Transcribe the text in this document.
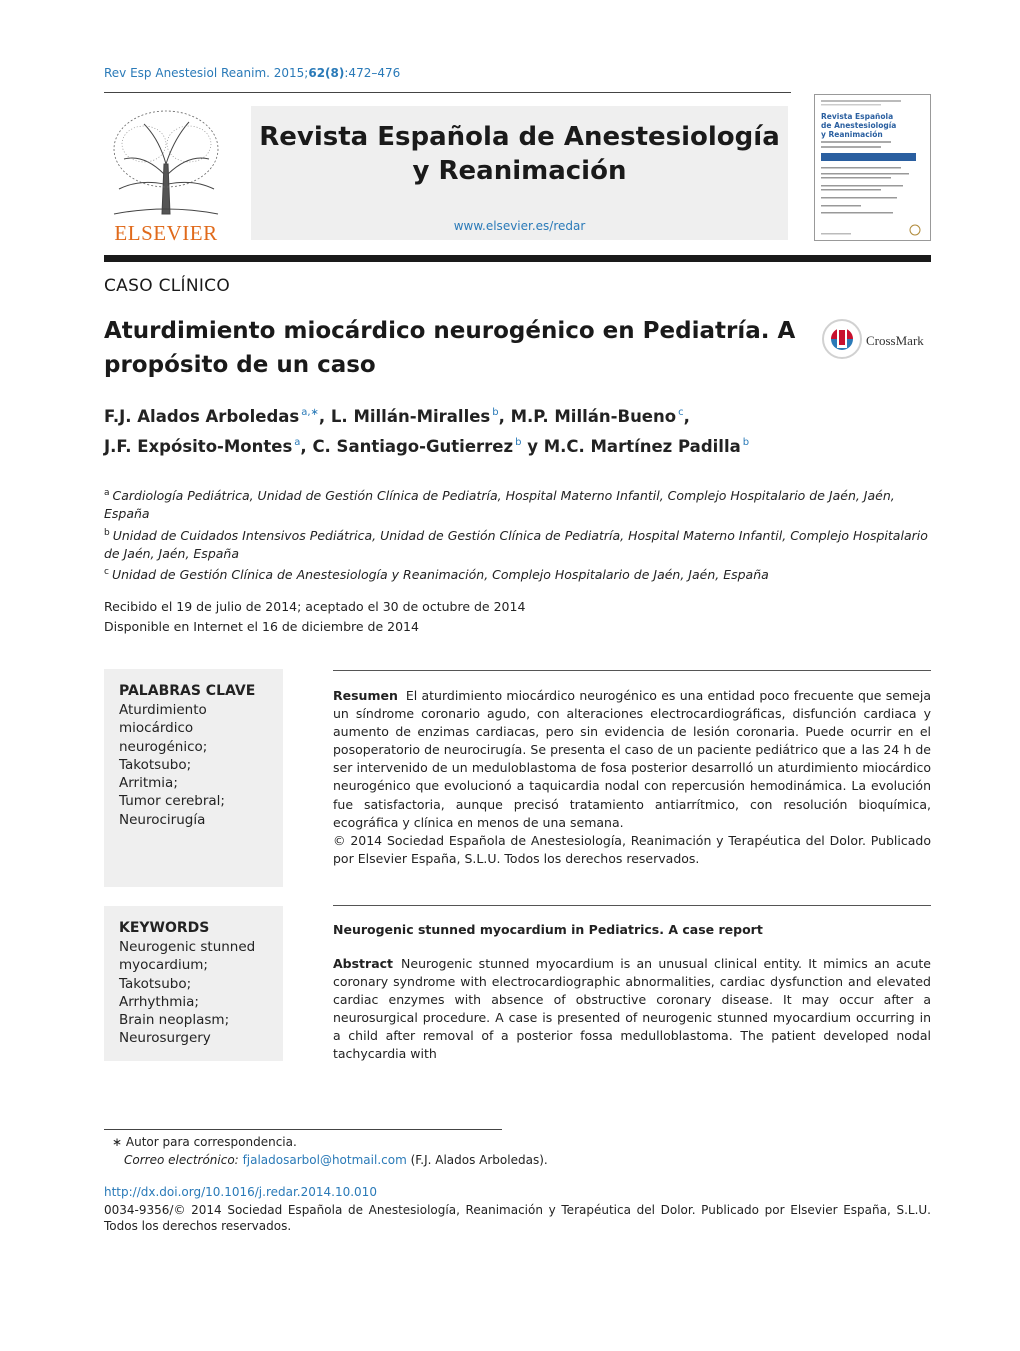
Rev Esp Anestesiol Reanim. 2015;62(8):472–476
ELSEVIER
Revista Española de Anestesiología
y Reanimación
www.elsevier.es/redar
Revista Española de Anestesiología y Reanimación
CASO CLÍNICO
Aturdimiento miocárdico neurogénico en Pediatría. A propósito de un caso
CrossMark
F.J. Alados Arboledas $^{a,∗}$, L. Millán-Miralles $^b$, M.P. Millán-Bueno $^c$,
J.F. Expósito-Montes $^a$, C. Santiago-Gutierrez $^b$ y M.C. Martínez Padilla $^b$
$^a$ Cardiología Pediátrica, Unidad de Gestión Clínica de Pediatría, Hospital Materno Infantil, Complejo Hospitalario de Jaén, Jaén, España
$^b$ Unidad de Cuidados Intensivos Pediátrica, Unidad de Gestión Clínica de Pediatría, Hospital Materno Infantil, Complejo Hospitalario de Jaén, Jaén, España
$^c$ Unidad de Gestión Clínica de Anestesiología y Reanimación, Complejo Hospitalario de Jaén, Jaén, España
Recibido el 19 de julio de 2014; aceptado el 30 de octubre de 2014
Disponible en Internet el 16 de diciembre de 2014
PALABRAS CLAVE
Aturdimiento
miocárdico
neurogénico;
Takotsubo;
Arritmia;
Tumor cerebral;
Neurocirugía
KEYWORDS
Neurogenic stunned
myocardium;
Takotsubo;
Arrhythmia;
Brain neoplasm;
Neurosurgery
Resumen El aturdimiento miocárdico neurogénico es una entidad poco frecuente que semeja un síndrome coronario agudo, con alteraciones electrocardiográficas, disfunción cardiaca y aumento de enzimas cardiacas, pero sin evidencia de lesión coronaria. Puede ocurrir en el posoperatorio de neurocirugía. Se presenta el caso de un paciente pediátrico que a las 24 h de ser intervenido de un meduloblastoma de fosa posterior desarrolló un aturdimiento miocárdico neurogénico que evolucionó a taquicardia nodal con repercusión hemodinámica. La evolución fue satisfactoria, aunque precisó tratamiento antiarrítmico, con resolución bioquímica, ecográfica y clínica en menos de una semana.
© 2014 Sociedad Española de Anestesiología, Reanimación y Terapéutica del Dolor. Publicado por Elsevier España, S.L.U. Todos los derechos reservados.
Neurogenic stunned myocardium in Pediatrics. A case report
Abstract Neurogenic stunned myocardium is an unusual clinical entity. It mimics an acute coronary syndrome with electrocardiographic abnormalities, cardiac dysfunction and elevated cardiac enzymes with absence of obstructive coronary disease. It may occur after a neurosurgical procedure. A case is presented of neurogenic stunned myocardium occurring in a child after removal of a posterior fossa medulloblastoma. The patient developed nodal tachycardia with
∗ Autor para correspondencia.
Correo electrónico: fjaladosarbol@hotmail.com (F.J. Alados Arboledas).
http://dx.doi.org/10.1016/j.redar.2014.10.010
0034-9356/© 2014 Sociedad Española de Anestesiología, Reanimación y Terapéutica del Dolor. Publicado por Elsevier España, S.L.U. Todos los derechos reservados.
